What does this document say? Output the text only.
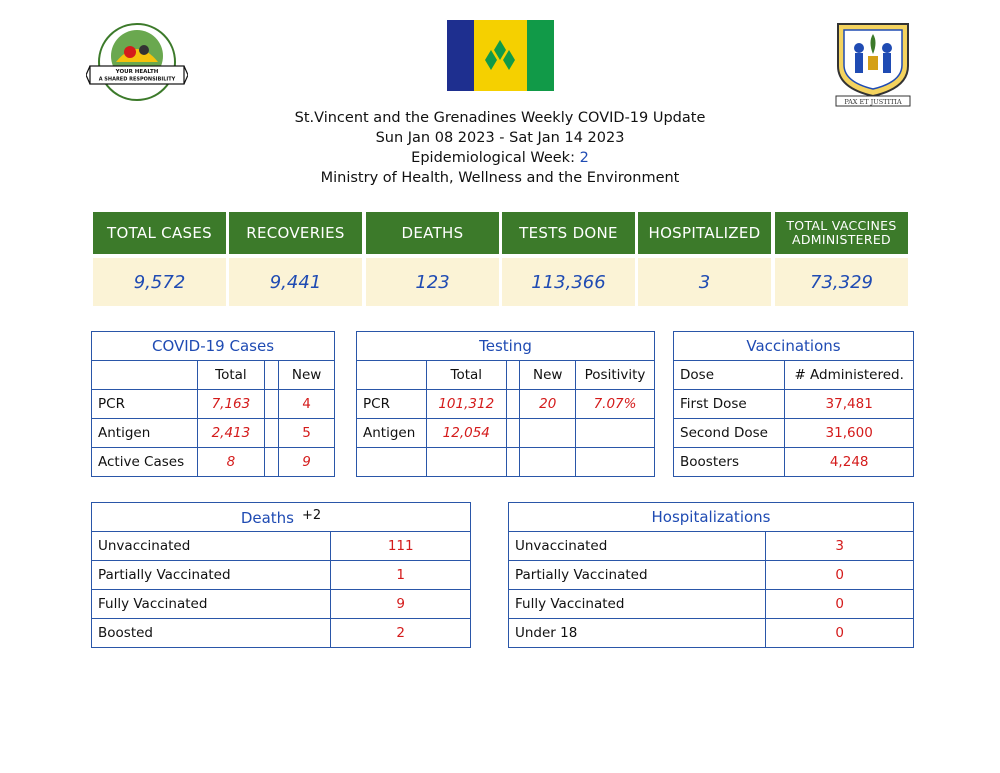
YOUR HEALTH
A SHARED RESPONSIBILITY
PAX ET JUSTITIA
St.Vincent and the Grenadines Weekly COVID-19 Update
Sun Jan 08 2023 - Sat Jan 14 2023
Epidemiological Week: 2
Ministry of Health, Wellness and the Environment
TOTAL CASES
9,572
RECOVERIES
9,441
DEATHS
123
TESTS DONE
113,366
HOSPITALIZED
3
TOTAL VACCINES ADMINISTERED
73,329
COVID-19 Cases			
	Total		New
PCR	7,163		4
Antigen	2,413		5
Active Cases	8		9
Testing				
	Total		New	Positivity
PCR	101,312		20	7.07%
Antigen	12,054			

Vaccinations	
Dose	# Administered.
First Dose	37,481
Second Dose	31,600
Boosters	4,248
Deaths +2	
Unvaccinated	111
Partially Vaccinated	1
Fully Vaccinated	9
Boosted	2
Hospitalizations	
Unvaccinated	3
Partially Vaccinated	0
Fully Vaccinated	0
Under 18	0
